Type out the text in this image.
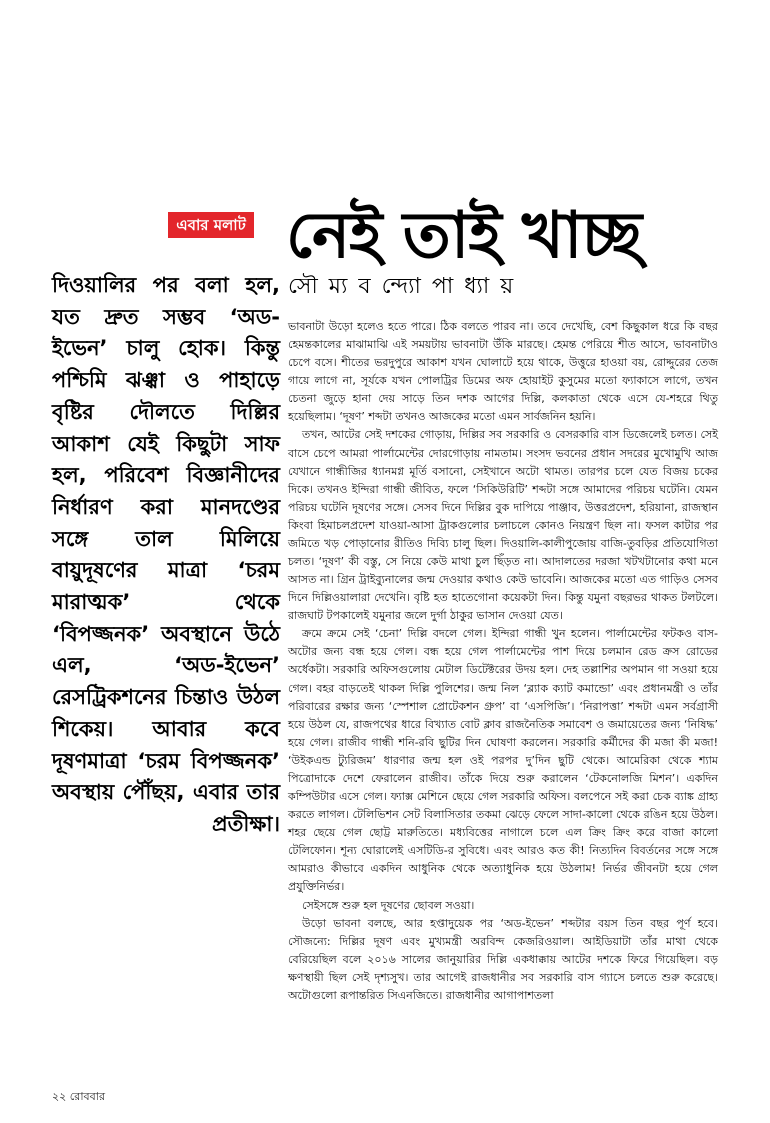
এবার মলাট নেই তাই খাচ্ছ
সৌ ম্য ব ন্দ্যো পা ধ্যা য়

দিওয়ালির পর বলা হল, যত দ্রুত সম্ভব ‘অড-ইভেন’ চালু হোক। কিন্তু পশ্চিমি ঝঞ্ঝা ও পাহাড়ে বৃষ্টির দৌলতে দিল্লির আকাশ যেই কিছুটা সাফ হল, পরিবেশ বিজ্ঞানীদের নির্ধারণ করা মানদণ্ডের সঙ্গে তাল মিলিয়ে বায়ুদূষণের মাত্রা ‘চরম মারাত্মক’ থেকে ‘বিপজ্জনক’ অবস্থানে উঠে এল, ‘অড-ইভেন’ রেসট্রিকশনের চিন্তাও উঠল শিকেয়। আবার কবে দূষণমাত্রা ‘চরম বিপজ্জনক’ অবস্থায় পৌঁছয়, এবার তার প্রতীক্ষা।

ভাবনাটা উড়ো হলেও হতে পারে। ঠিক বলতে পারব না। তবে দেখেছি, বেশ কিছুকাল ধরে কি বছর হেমন্তকালের মাঝামাঝি এই সময়টায় ভাবনাটা উঁকি মারছে। হেমন্ত পেরিয়ে শীত আসে, ভাবনাটাও চেপে বসে। শীতের ভরদুপুরে আকাশ যখন ঘোলাটে হয়ে থাকে, উত্তুরে হাওয়া বয়, রোদ্দুরের তেজ গায়ে লাগে না, সূর্যকে যখন পোলট্রির ডিমের অফ হোয়াইট কুসুমের মতো ফ্যাকাসে লাগে, তখন চেতনা জুড়ে হানা দেয় সাড়ে তিন দশক আগের দিল্লি, কলকাতা থেকে এসে যে-শহরে থিতু হয়েছিলাম। ‘দূষণ’ শব্দটা তখনও আজকের মতো এমন সার্বজনিন হয়নি।

তখন, আটের সেই দশকের গোড়ায়, দিল্লির সব সরকারি ও বেসরকারি বাস ডিজেলেই চলত। সেই বাসে চেপে আমরা পার্লামেন্টের দোরগোড়ায় নামতাম। সংসদ ভবনের প্রধান সদরের মুখোমুখি আজ যেখানে গান্ধীজির ধ্যানমগ্ন মূর্তি বসানো, সেইখানে অটো থামত। তারপর চলে যেত বিজয় চকের দিকে। তখনও ইন্দিরা গান্ধী জীবিত, ফলে ‘সিকিউরিটি’ শব্দটা সঙ্গে আমাদের পরিচয় ঘটেনি। যেমন পরিচয় ঘটেনি দূষণের সঙ্গে। সেসব দিনে দিল্লির বুক দাপিয়ে পাঞ্জাব, উত্তরপ্রদেশ, হরিয়ানা, রাজস্থান কিংবা হিমাচলপ্রদেশ যাওয়া-আসা ট্রাকগুলোর চলাচলে কোনও নিয়ন্ত্রণ ছিল না। ফসল কাটার পর জমিতে খড় পোড়ানোর রীতিও দিব্যি চালু ছিল। দিওয়ালি-কালীপুজোয় বাজি-তুবড়ির প্রতিযোগিতা চলত। ‘দূষণ’ কী বস্তু, সে নিয়ে কেউ মাথা চুল ছিঁড়ত না। আদালতের দরজা খটখটানোর কথা মনে আসত না। গ্রিন ট্রাইব্যুনালের জন্ম দেওয়ার কথাও কেউ ভাবেনি। আজকের মতো এত গাড়িও সেসব দিনে দিল্লিওয়ালারা দেখেনি। বৃষ্টি হত হাতেগোনা কয়েকটা দিন। কিন্তু যমুনা বছরভর থাকত টলটলে। রাজঘাট টপকালেই যমুনার জলে দুর্গা ঠাকুর ভাসান দেওয়া যেত।

ক্রমে ক্রমে সেই ‘চেনা’ দিল্লি বদলে গেল। ইন্দিরা গান্ধী খুন হলেন। পার্লামেন্টের ফটকও বাস-অটোর জন্য বন্ধ হয়ে গেল। বন্ধ হয়ে গেল পার্লামেন্টের পাশ দিয়ে চলমান রেড ক্রস রোডের অর্ধেকটা। সরকারি অফিসগুলোয় মেটাল ডিটেক্টরের উদয় হল। দেহ তল্লাশির অপমান গা সওয়া হয়ে গেল। বহর বাড়তেই থাকল দিল্লি পুলিশের। জন্ম নিল ‘ব্ল্যাক ক্যাট কমান্ডো’ এবং প্রধানমন্ত্রী ও তাঁর পরিবারের রক্ষার জন্য ‘স্পেশাল প্রোটেকশন গ্রুপ’ বা ‘এসপিজি’। ‘নিরাপত্তা’ শব্দটা এমন সর্বগ্রাসী হয়ে উঠল যে, রাজপথের ধারে বিখ্যাত বোট ক্লাব রাজনৈতিক সমাবেশ ও জমায়েতের জন্য ‘নিষিদ্ধ’ হয়ে গেল। রাজীব গান্ধী শনি-রবি ছুটির দিন ঘোষণা করলেন। সরকারি কর্মীদের কী মজা কী মজা! ‘উইকএন্ড ট্যুরিজম’ ধারণার জন্ম হল ওই পরপর দু’দিন ছুটি থেকে। আমেরিকা থেকে শ্যাম পিত্রোদাকে দেশে ফেরালেন রাজীব। তাঁকে দিয়ে শুরু করালেন ‘টেকনোলজি মিশন’। একদিন কম্পিউটার এসে গেল। ফ্যাক্স মেশিনে ছেয়ে গেল সরকারি অফিস। বলপেনে সই করা চেক ব্যাঙ্ক গ্রাহ্য করতে লাগল। টেলিভিশন সেট বিলাসিতার তকমা ঝেড়ে ফেলে সাদা-কালো থেকে রঙিন হয়ে উঠল। শহর ছেয়ে গেল ছোট্ট মারুতিতে। মধ্যবিত্তের নাগালে চলে এল ক্রিং ক্রিং করে বাজা কালো টেলিফোন। শূন্য ঘোরালেই এসটিডি-র সুবিধে। এবং আরও কত কী! নিত্যদিন বিবর্তনের সঙ্গে সঙ্গে আমরাও কীভাবে একদিন আধুনিক থেকে অত্যাধুনিক হয়ে উঠলাম! নির্ভর জীবনটা হয়ে গেল প্রযুক্তিনির্ভর।

সেইসঙ্গে শুরু হল দূষণের ছোবল সওয়া।

উড়ো ভাবনা বলছে, আর হপ্তাদুয়েক পর ‘অড-ইভেন’ শব্দটার বয়স তিন বছর পূর্ণ হবে। সৌজন্যে: দিল্লির দূষণ এবং মুখ্যমন্ত্রী অরবিন্দ কেজরিওয়াল। আইডিয়াটা তাঁর মাথা থেকে বেরিয়েছিল বলে ২০১৬ সালের জানুয়ারির দিল্লি একধাক্কায় আটের দশকে ফিরে গিয়েছিল। বড় ক্ষণস্থায়ী ছিল সেই দৃশ্যসুখ। তার আগেই রাজধানীর সব সরকারি বাস গ্যাসে চলতে শুরু করেছে। অটোগুলো রূপান্তরিত সিএনজিতে। রাজধানীর আগাপাশতলা

২২ রোববার
